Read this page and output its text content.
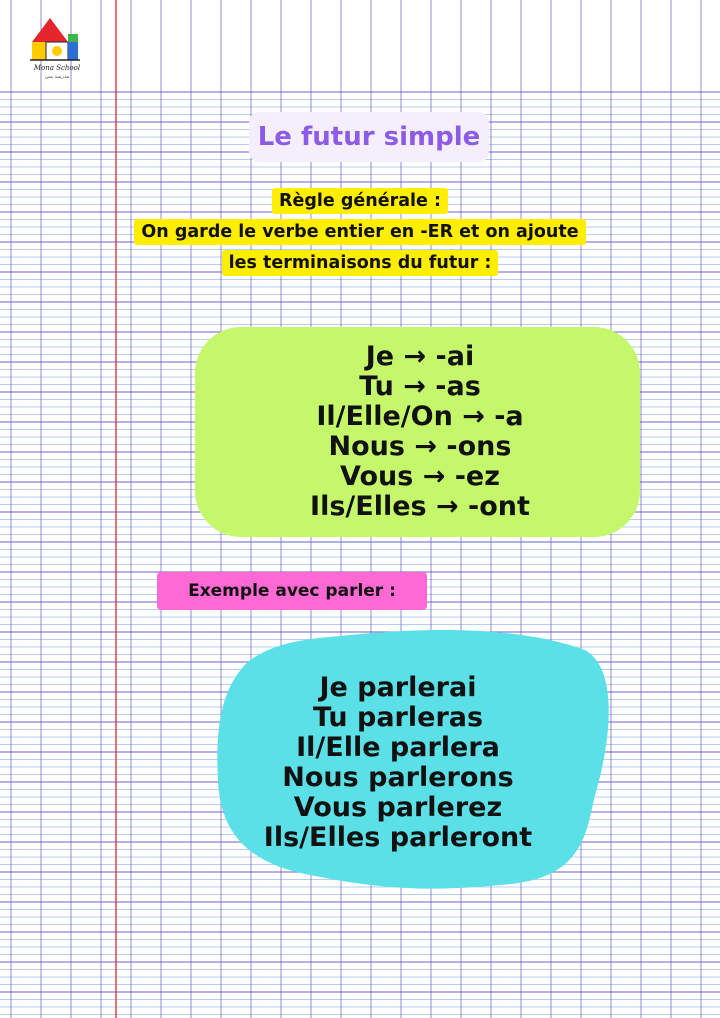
Mona School
مدرسة منى
Le futur simple
Règle générale :
On garde le verbe entier en -ER et on ajoute
les terminaisons du futur :
Je → -ai
Tu → -as
Il/Elle/On → -a
Nous → -ons
Vous → -ez
Ils/Elles → -ont
Exemple avec parler :
Je parlerai
Tu parleras
Il/Elle parlera
Nous parlerons
Vous parlerez
Ils/Elles parleront
